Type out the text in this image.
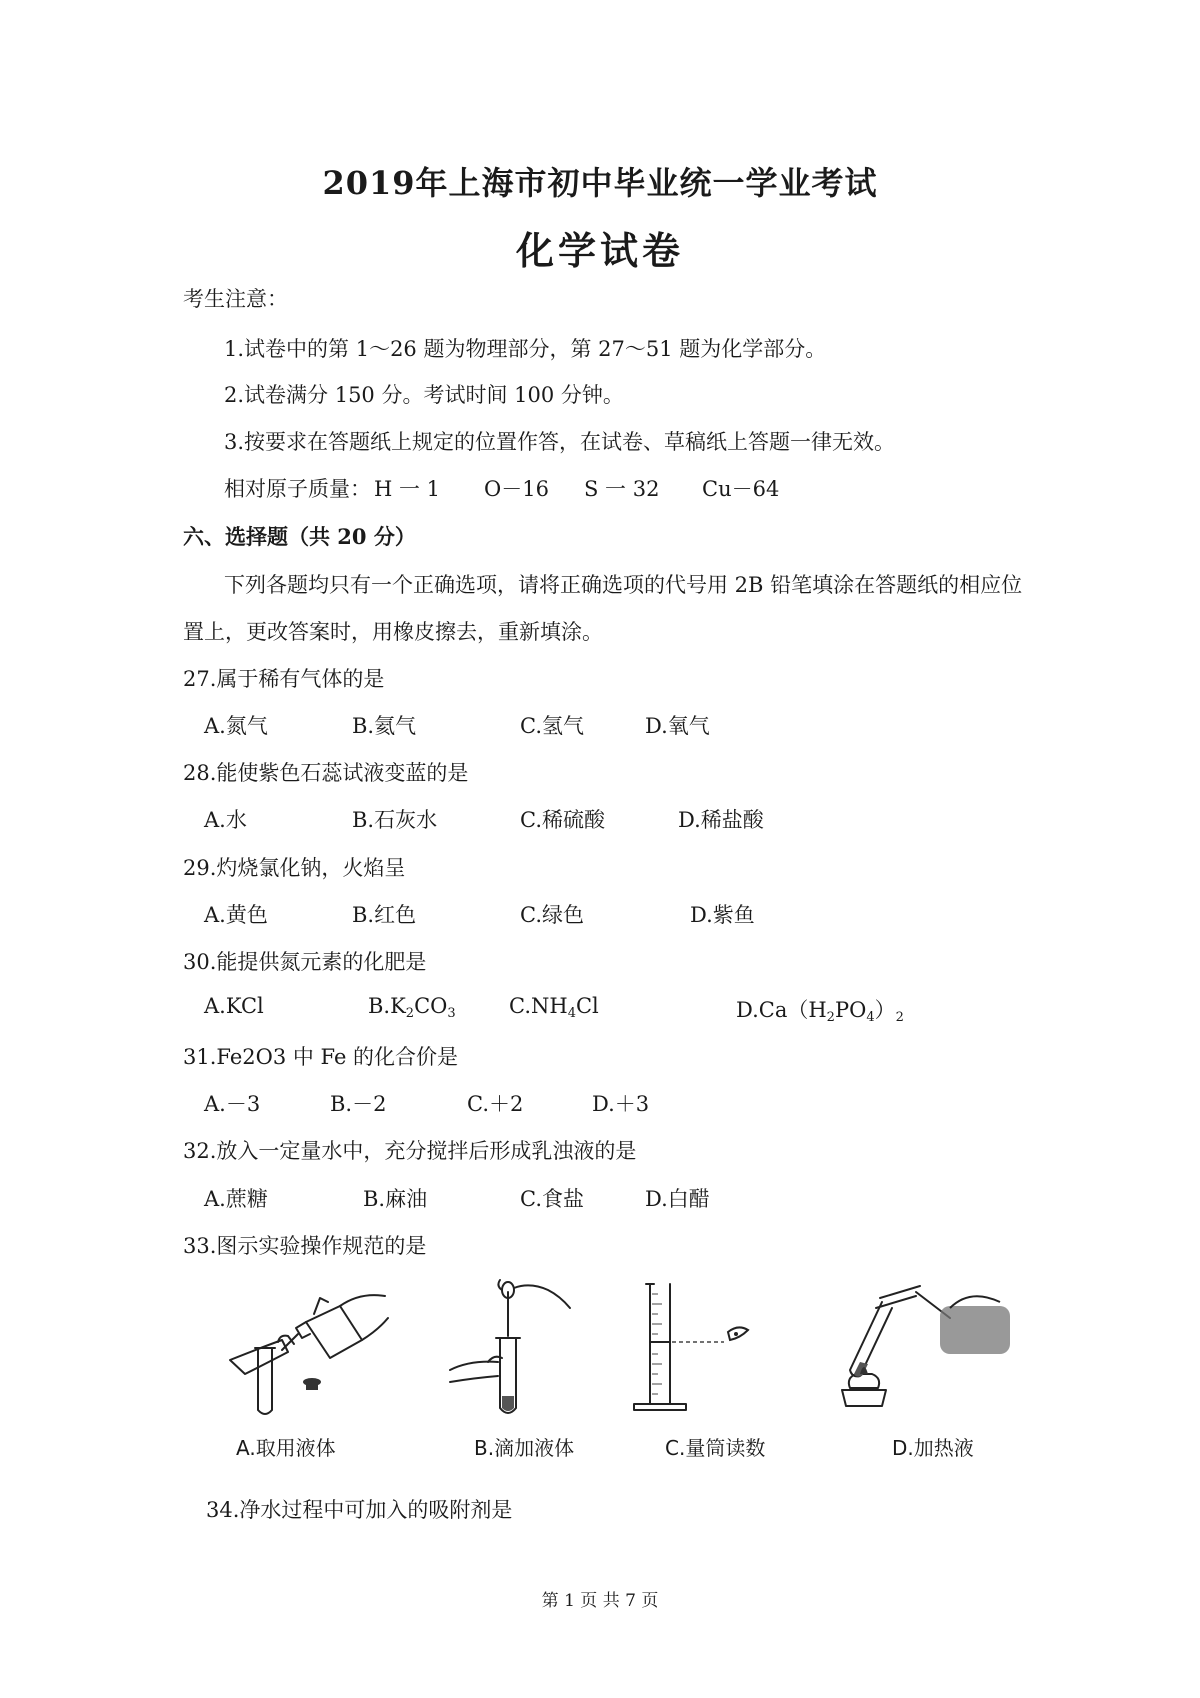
2019年上海市初中毕业统一学业考试
化学试卷
考生注意：
1.试卷中的第 1～26 题为物理部分，第 27～51 题为化学部分。
2.试卷满分 150 分。考试时间 100 分钟。
3.按要求在答题纸上规定的位置作答，在试卷、草稿纸上答题一律无效。
相对原子质量： H 一 1 O－16 S 一 32 Cu－64
六、选择题（共 20 分）
下列各题均只有一个正确选项，请将正确选项的代号用 2B 铅笔填涂在答题纸的相应位
置上，更改答案时，用橡皮擦去，重新填涂。
27.属于稀有气体的是
A.氮气	B.氦气	C.氢气	D.氧气
28.能使紫色石蕊试液变蓝的是
A.水	B.石灰水	C.稀硫酸	D.稀盐酸
29.灼烧氯化钠，火焰呈
A.黄色	B.红色	C.绿色	D.紫鱼
30.能提供氮元素的化肥是
A.KCl	$B.K_2CO_3$	$C.NH_4Cl$	$D.Ca(H_2PO_4)_2$
31.Fe2O3 中 Fe 的化合价是
A.－3	B.－2	C.＋2	D.＋3
32.放入一定量水中，充分搅拌后形成乳浊液的是
A.蔗糖	B.麻油	C.食盐	D.白醋
33.图示实验操作规范的是
A.取用液体	B.滴加液体	C.量筒读数	D.加热液
34.净水过程中可加入的吸附剂是
第 1 页 共 7 页
